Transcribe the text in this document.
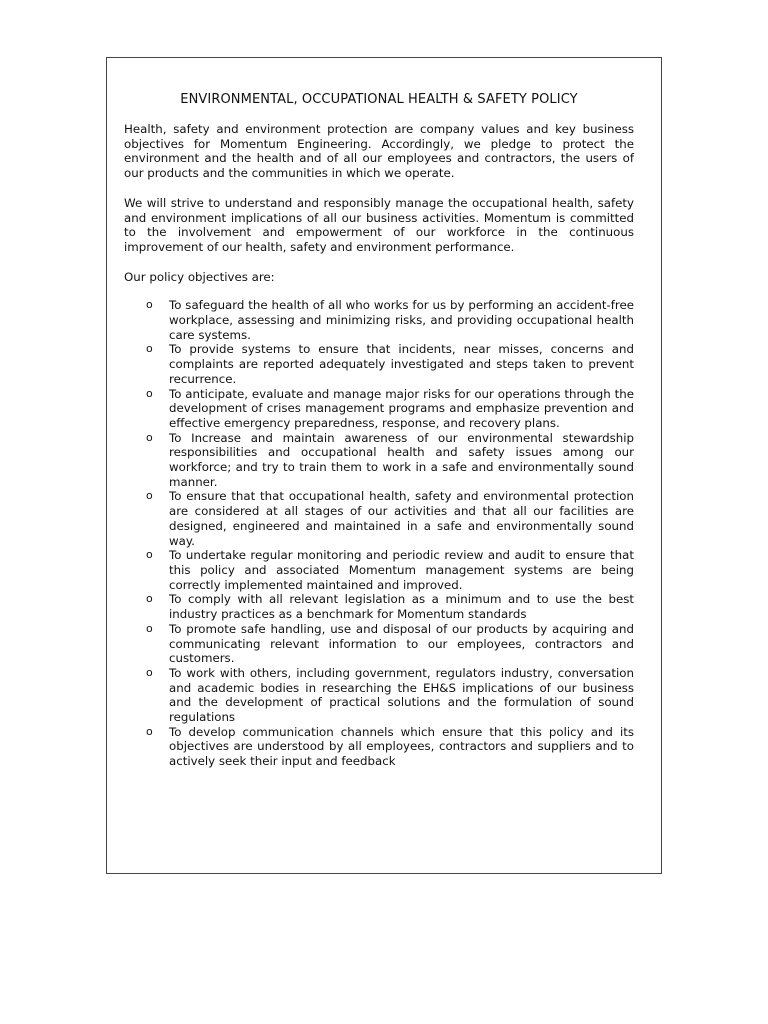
ENVIRONMENTAL, OCCUPATIONAL HEALTH & SAFETY POLICY

Health, safety and environment protection are company values and key business objectives for Momentum Engineering. Accordingly, we pledge to protect the environment and the health and of all our employees and contractors, the users of our products and the communities in which we operate.

We will strive to understand and responsibly manage the occupational health, safety and environment implications of all our business activities. Momentum is committed to the involvement and empowerment of our workforce in the continuous improvement of our health, safety and environment performance.

Our policy objectives are:

o To safeguard the health of all who works for us by performing an accident-free workplace, assessing and minimizing risks, and providing occupational health care systems.
o To provide systems to ensure that incidents, near misses, concerns and complaints are reported adequately investigated and steps taken to prevent recurrence.
o To anticipate, evaluate and manage major risks for our operations through the development of crises management programs and emphasize prevention and effective emergency preparedness, response, and recovery plans.
o To Increase and maintain awareness of our environmental stewardship responsibilities and occupational health and safety issues among our workforce; and try to train them to work in a safe and environmentally sound manner.
o To ensure that that occupational health, safety and environmental protection are considered at all stages of our activities and that all our facilities are designed, engineered and maintained in a safe and environmentally sound way.
o To undertake regular monitoring and periodic review and audit to ensure that this policy and associated Momentum management systems are being correctly implemented maintained and improved.
o To comply with all relevant legislation as a minimum and to use the best industry practices as a benchmark for Momentum standards
o To promote safe handling, use and disposal of our products by acquiring and communicating relevant information to our employees, contractors and customers.
o To work with others, including government, regulators industry, conversation and academic bodies in researching the EH&S implications of our business and the development of practical solutions and the formulation of sound regulations
o To develop communication channels which ensure that this policy and its objectives are understood by all employees, contractors and suppliers and to actively seek their input and feedback
